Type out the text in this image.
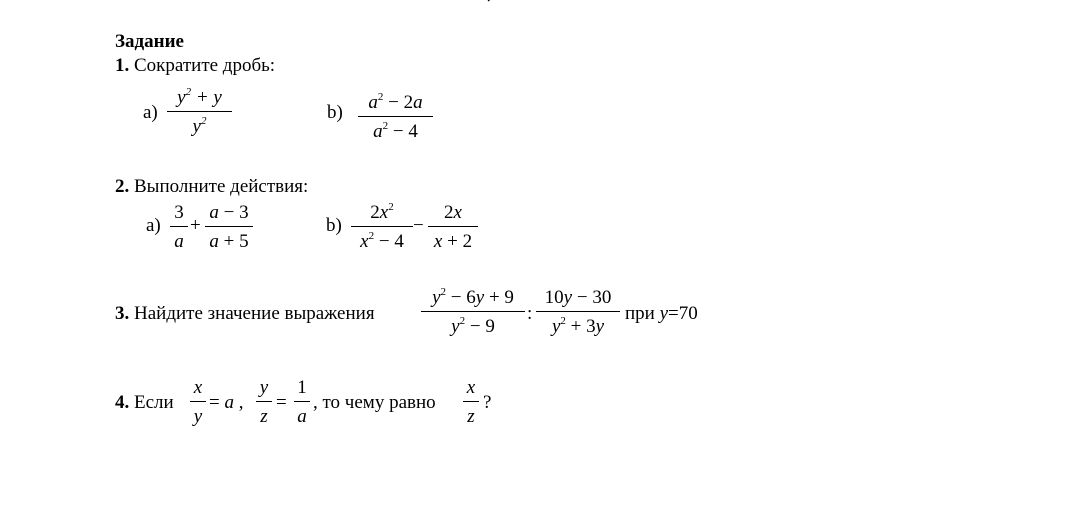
Задание
1. Сократите дробь:
a)
$y^2 + y$
$y^2$	b)	$a^2 - 2a$
$a^2 - 4$
2. Выполните действия:
a)
3
a
+
a − 3
a + 5
b)
$2x^2$
$x^2 - 4$
−
2x
x + 2
3. Найдите значение выражения
$y^2 - 6y + 9$
$y^2 - 9$
:
10y − 30
$y^2 + 3y$
при y=70
4. Если
x
y
= a ,
y
z
=
1
a
, то чему равно
x
z
?
